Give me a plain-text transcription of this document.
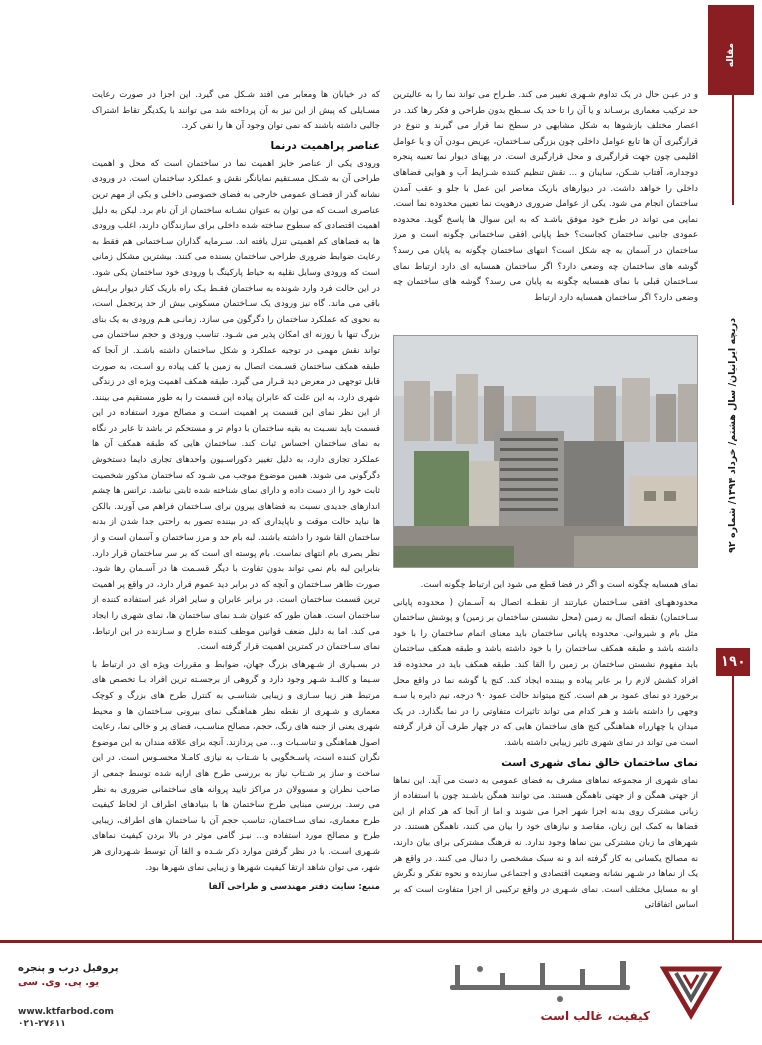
مقاله
دریچه ایرانیان/ سال هشتم/ خرداد ۱۳۹۴/ شماره ۹۲
۱۹۰

و در عیـن حال در یک تداوم شـهری تغییر می کند. طـراح می تواند نما را به عالیترین حد ترکیب معماری برسـاند و یا آن را تا حد یک سـطح بدون طراحی و فکر رها کند. در اعصار مختلف بازشوها به شکل مشابهی در سطح نما قرار می گیرند و تنوع در قرارگیری آن ها تابع عوامل داخلی چون بزرگی سـاختمان، عریض بـودن آن و یا عوامل اقلیمی چون جهت قرارگیری و محل قرارگیری است. در پهنای دیوار نما تعبیه پنجره دوجداره، آفتاب شـکن، سایبان و ... نقش تنظیم کننده شـرایط آب و هوایی فضاهای داخلی را خواهد داشت. در دیوارهای باریک معاصر این عمل با جلو و عقب آمدن ساختمان انجام می شود. یکی از عوامل ضروری درهویت نما تعیین محدوده نما است. نمایی می تواند در طرح خود موفق باشـد که به این سوال ها پاسخ گوید. محدوده عمودی جانبی ساختمان کجاست؟ خط پایانی افقی ساختمانی چگونه است و مرز ساختمان در آسمان به چه شکل است؟ انتهای ساختمان چگونه به پایان می رسد؟ گوشه های ساختمان چه وضعی دارد؟ اگر ساختمان همسایه ای دارد ارتباط نمای سـاختمان قبلی با نمای همسایه چگونه به پایان می رسد؟ گوشه های ساختمان چه وضعی دارد؟ اگر ساختمان همسایه دارد ارتباط

نمای همسایه چگونه است و اگر در فضا قطع می شود این ارتباط چگونه است.

محدودههـای افقی سـاختمان عبارتند از نقطـه اتصال به آسـمان ( محدوده پایانی سـاختمان) نقطه اتصال به زمین (محل نشستن ساختمان بر زمین) و پوشش ساختمان مثل بام و شیروانی. محدوده پایانی ساختمان باید معنای اتمام ساختمان را با خود داشته باشد و طبقه همکف ساختمان را با خود داشته باشد و طبقه همکف ساختمان باید مفهوم نشستن ساختمان بر زمین را القا کند. طبقه همکف باید در محدوده قد افراد کشش لازم را بر عابر پیاده و بیننده ایجاد کند. کنج یا گوشه نما در واقع محل برخورد دو نمای عمود بر هم است. کنج میتواند حالت عمود ۹۰ درجه، نیم دایره یا سـه وجهی را داشته باشد و هـر کدام می تواند تاثیرات متفاوتی را در نما بگذارد. در یک میدان یا چهارراه هماهنگی کنج های ساختمان هایی که در چهار طرف آن قرار گرفته است می تواند در نمای شهری تاثیر زیبایی داشته باشد.

نمای ساختمان خالق نمای شهری است

نمای شهری از مجموعه نماهای مشرف به فضای عمومی به دست می آید. این نماها از جهتی همگن و از جهتی ناهمگن هستند. می توانند همگن باشـند چون با استفاده از زبانی مشترک روی بدنه اجزا شهر اجرا می شوند و اما از آنجا که هر کدام از این فضاها به کمک این زبان، مقاصد و نیازهای خود را بیان می کنند، ناهمگن هستند. در شهرهای ما زبان مشترکی بین نماها وجود ندارد. نه فرهنگ مشترکی برای بیان دارند، نه مصالح یکسانی به کار گرفته اند و نه سبک مشخصی را دنبال می کنند. در واقع هر یک از نماها در شـهر نشانه وضعیت اقتصادی و اجتماعی سازنده و نحوه تفکر و نگرش او به مسایل مختلف است. نمای شـهری در واقع ترکیبی از اجزا متفاوت است که بر اساس اتفاقاتی

که در خیابان ها ومعابر می افتد شـکل می گیرد. این اجزا در صورت رعایت مسـایلی که پیش از این نیز به آن پرداخته شد می توانند با یکدیگر تقاط اشتراک جالبی داشته باشند که نمی توان وجود آن ها را نفی کرد.

عناصر پراهمیت درنما

ورودی یکی از عناصر حایز اهمیت نما در ساختمان است که محل و اهمیت طراحی آن به شـکل مسـتقیم نمایانگر نقش و عملکرد ساختمان است. در ورودی نشانه گذر از فضـای عمومی خارجی به فضای خصوصی داخلی و یکی از مهم ترین عناصری اسـت که می توان به عنوان نشـانه ساختمان از آن نام برد. لیکن به دلیل اهمیت اقتصادی که سطوح ساخته شده داخلی برای سازندگان دارند، اغلب ورودی ها به فضاهای کم اهمیتی تنزل یافته اند. سـرمایه گذاران سـاختمانی هم فقط به رعایت ضوابط ضروری طراحی ساختمان بسنده می کنند. بیشترین مشکل زمانی است که ورودی وسایل نقلیه به حیاط پارکینگ با ورودی خود ساختمان یکی شود. در این حالت فرد وارد شونده به ساختمان فقـط یـک راه باریک کنار دیوار برایـش باقی می ماند. گاه نیز ورودی یک سـاختمان مسکونی بیش از حد پرتجمل است، به نحوی که عملکرد ساختمان را دگرگون می سازد. زمانـی هـم ورودی به یک بنای بزرگ تنها با روزنه ای امکان پذیر می شـود. تناسب ورودی و حجم ساختمان می تواند نقش مهمی در توجیه عملکرد و شکل ساختمان داشته باشـد. از آنجا که طبقه همکف ساختمان قسـمت اتصال به زمین یا کف پیاده رو اسـت، به صورت قابل توجهی در معرض دید قـرار می گیرد. طبقه همکف اهمیت ویژه ای در زندگی شهری دارد، به این علت که عابران پیاده این قسمت را به طور مستقیم می بینند. از این نظر نمای این قسمت پر اهمیت اسـت و مصالح مورد استفاده در این قسمت باید نسـبت به بقیه ساختمان با دوام تر و مستحکم تر باشد تا عابر در نگاه به نمای ساختمان احساس ثبات کند. ساختمان هایی که طبقه همکف آن ها عملکرد تجاری دارد، به دلیل تغییر دکوراسـیون واحدهای تجاری دایما دستخوش دگرگونی می شوند. همین موضوع موجب می شـود که ساختمان مذکور شخصیت ثابت خود را از دست داده و دارای نمای شناخته شده ثابتی نباشد. ترانس ها چشم اندازهای جدیدی نسبت به فضاهای بیرون برای سـاختمان فراهم می آورند. بالکن ها نباید حالت موقت و ناپایداری که در بیننده تصور به راحتی جدا شدن از بدنه ساختمان القا شود را داشته باشند. لبه بام حد و مرز ساختمان و آسمان است و از نظر بصری بام انتهای نماست. بام پوسته ای است که بر سر ساختمان قرار دارد. بنابراین لبه بام نمی تواند بدون تفاوت با دیگر قسـمت ها در آسـمان رها شود. صورت ظاهر سـاختمان و آنچه که در برابر دید عموم قرار دارد، در واقع پر اهمیت ترین قسمت ساختمان است. در برابر عابران و سایر افراد غیر استفاده کننده از ساختمان است. همان طور که عنوان شـد نمای ساختمان ها، نمای شهری را ایجاد می کند. اما به دلیل ضعف قوانین موظف کننده طراح و سـازنده در این ارتباط، نمای سـاختمان در کمترین اهمیت قرار گرفته است.

در بسـیاری از شـهرهای بزرگ جهان، ضوابط و مقررات ویژه ای در ارتباط با سـیما و کالبـد شـهر وجود دارد و گروهی از برجسـته ترین افراد بـا تخصص های مرتبط هنر زیبا سـازی و زیبایی شناسـی به کنترل طرح های بزرگ و کوچک معماری و شـهری از نقطه نظر هماهنگی نمای بیرونی سـاختمان ها و محیط شهری یعنی از جنبه های رنگ، حجم، مصالح مناسـب، فضای پر و خالی نما، رعایت اصول هماهنگی و تناسـبات و... می پردازند. آنچه برای علاقه مندان به این موضوع نگران کننده است، پاسـخگویی با شـتاب به نیازی کامـلا محسـوس است. در این ساخت و ساز پر شـتاب نیاز به بررسی طرح های ارایه شده توسط جمعی از صاحب نظران و مسوولان در مراکز تایید پروانه های ساختمانی ضروری به نظر می رسد. بررسی مبنایی طرح ساختمان ها با بنیادهای اطراف از لحاظ کیفیت طرح معماری، نمای سـاختمان، تناسب حجم آن با ساختمان های اطراف، زیبایی طرح و مصالح مورد استفاده و... نیـز گامی موثر در بالا بردن کیفیت نماهای شـهری اسـت. با در نظر گرفتن موارد ذکر شـده و القا آن توسط شـهرداری هر شهر، می توان شاهد ارتقا کیفیت شهرها و زیبایی نمای شهرها بود.

منبع: سایت دفتر مهندسی و طراحی آلفا

کیفیت، غالب است
پروفیل درب و پنجره
یو. پی. وی. سی
www.ktfarbod.com
۰۲۱-۲۷۶۱۱
